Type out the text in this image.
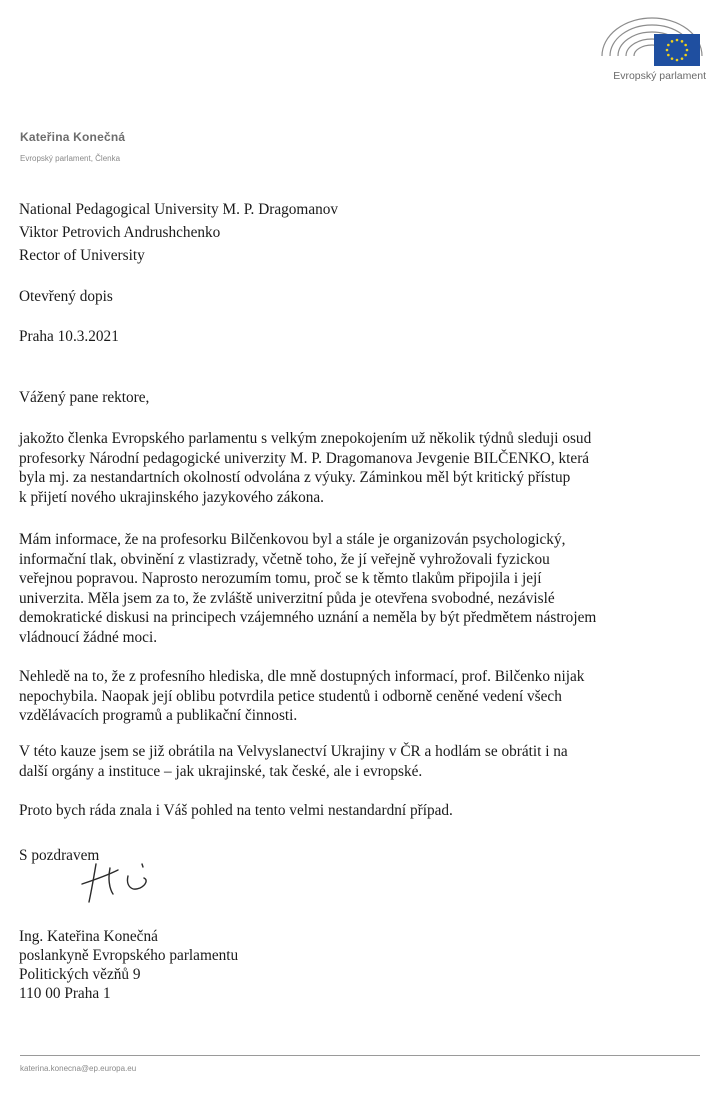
Evropský parlament
Kateřina Konečná
Evropský parlament, Členka
National Pedagogical University M. P. Dragomanov
Viktor Petrovich Andrushchenko
Rector of University
Otevřený dopis
Praha 10.3.2021
Vážený pane rektore,
jakožto členka Evropského parlamentu s velkým znepokojením už několik týdnů sleduji osud
profesorky Národní pedagogické univerzity M. P. Dragomanova Jevgenie BILČENKO, která
byla mj. za nestandartních okolností odvolána z výuky. Záminkou měl být kritický přístup
k přijetí nového ukrajinského jazykového zákona.
Mám informace, že na profesorku Bilčenkovou byl a stále je organizován psychologický,
informační tlak, obvinění z vlastizrady, včetně toho, že jí veřejně vyhrožovali fyzickou
veřejnou popravou. Naprosto nerozumím tomu, proč se k těmto tlakům připojila i její
univerzita. Měla jsem za to, že zvláště univerzitní půda je otevřena svobodné, nezávislé
demokratické diskusi na principech vzájemného uznání a neměla by být předmětem nástrojem
vládnoucí žádné moci.
Nehledě na to, že z profesního hlediska, dle mně dostupných informací, prof. Bilčenko nijak
nepochybila. Naopak její oblibu potvrdila petice studentů i odborně ceněné vedení všech
vzdělávacích programů a publikační činnosti.
V této kauze jsem se již obrátila na Velvyslanectví Ukrajiny v ČR a hodlám se obrátit i na
další orgány a instituce – jak ukrajinské, tak české, ale i evropské.
Proto bych ráda znala i Váš pohled na tento velmi nestandardní případ.
S pozdravem
Ing. Kateřina Konečná
poslankyně Evropského parlamentu
Politických vězňů 9
110 00 Praha 1
katerina.konecna@ep.europa.eu
